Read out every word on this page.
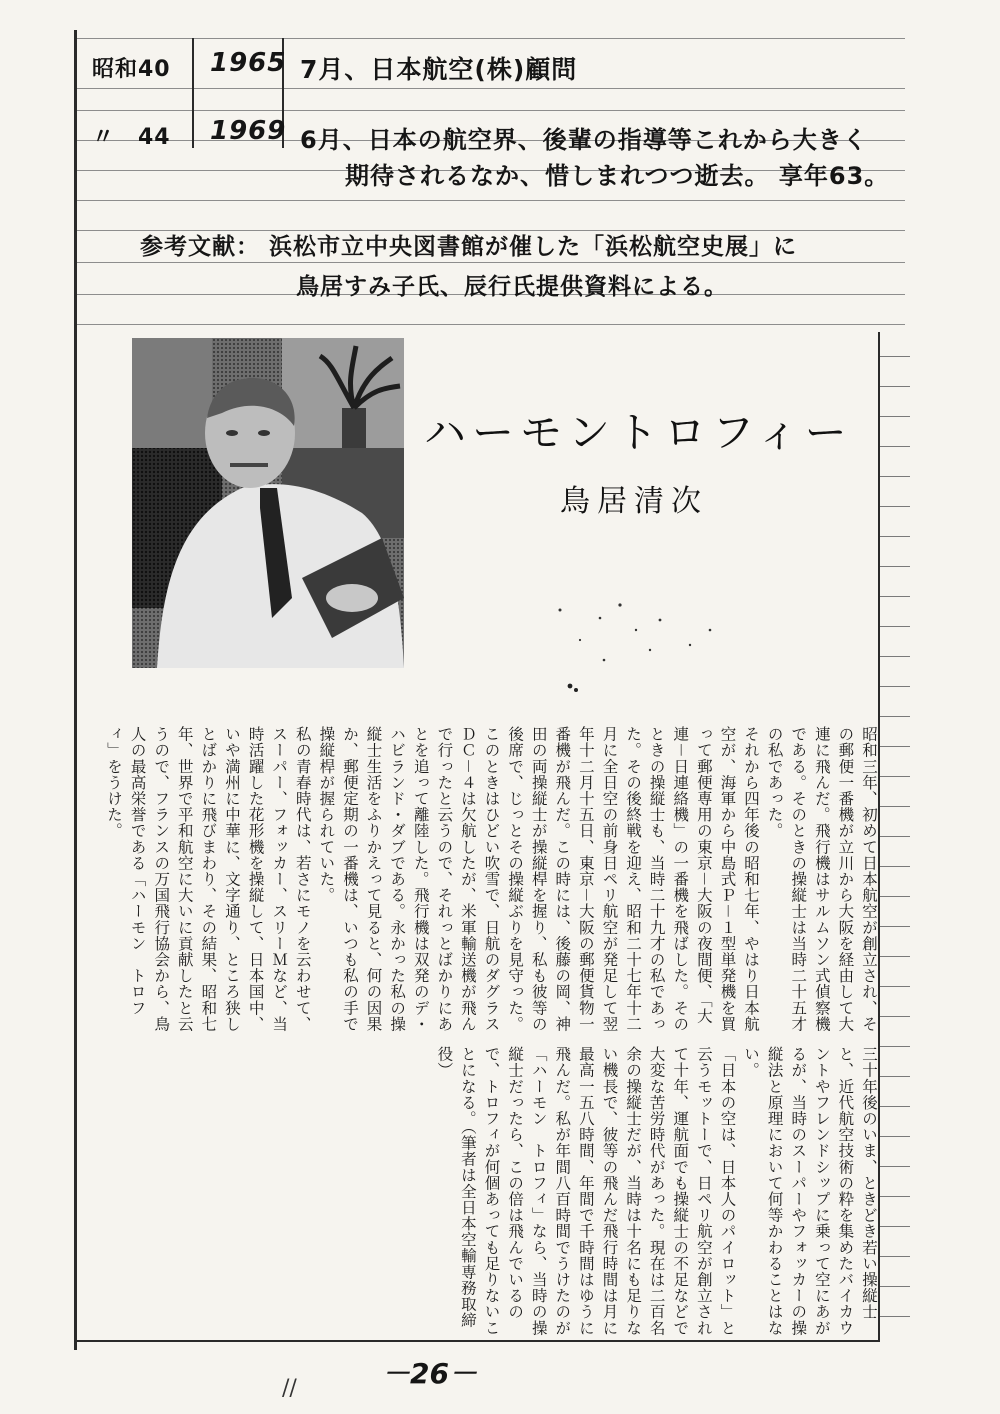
昭和40 1965 7月、日本航空(株)顧問
〃　44 1969 6月、日本の航空界、後輩の指導等これから大きく
期待されるなか、惜しまれつつ逝去。 享年63。
参考文献： 浜松市立中央図書館が催した「浜松航空史展」に
鳥居すみ子氏、辰行氏提供資料による。
ハーモントロフィー
鳥居清次
昭和三年、初めて日本航空が創立され、その郵便一番機が立川から大阪を経由して大連に飛んだ。飛行機はサルムソン式偵察機である。そのときの操縦士は当時二十五才の私であった。
それから四年後の昭和七年、やはり日本航空が、海軍から中島式Ｐ－１型単発機を買って郵便専用の東京－大阪の夜間便、「大連－日連絡機」の一番機を飛ばした。そのときの操縦士も、当時二十九才の私であった。その後終戦を迎え、昭和二十七年十二月に全日空の前身日ペリ航空が発足して翌年十二月十五日、東京－大阪の郵便貨物一番機が飛んだ。この時には、後藤の岡、神田の両操縦士が操縦桿を握り、私も彼等の後席で、じっとその操縦ぶりを見守った。このときはひどい吹雪で、日航のダグラスＤＣ－４は欠航したが、米軍輸送機が飛んで行ったと云うので、それっとばかりにあとを追って離陸した。飛行機は双発のデ・ハビランド・ダブである。永かった私の操縦士生活をふりかえって見ると、何の因果か、郵便定期の一番機は、いつも私の手で操縦桿が握られていた。
私の青春時代は、若さにモノを云わせて、スーパー、フォッカー、スリーＭなど、当時活躍した花形機を操縦して、日本国中、いや満州に中華に、文字通り、ところ狭しとばかりに飛びまわり、その結果、昭和七年、世界で平和航空に大いに貢献したと云うので、フランスの万国飛行協会から、鳥人の最高栄誉である「ハーモン　トロフィ」をうけた。
三十年後のいま、ときどき若い操縦士と、近代航空技術の粋を集めたバイカウントやフレンドシップに乗って空にあがるが、当時のスーパーやフォッカーの操縦法と原理において何等かわることはない。
「日本の空は、日本人のパイロット」と云うモットーで、日ペリ航空が創立されて十年、運航面でも操縦士の不足などで大変な苦労時代があった。現在は二百名余の操縦士だが、当時は十名にも足りない機長で、彼等の飛んだ飛行時間は月に最高一五八時間、年間で千時間はゆうに飛んだ。私が年間八百時間でうけたのが「ハーモン　トロフィ」なら、当時の操縦士だったら、この倍は飛んでいるので、トロフィが何個あっても足りないことになる。（筆者は全日本空輸専務取締役）
－26－
//
